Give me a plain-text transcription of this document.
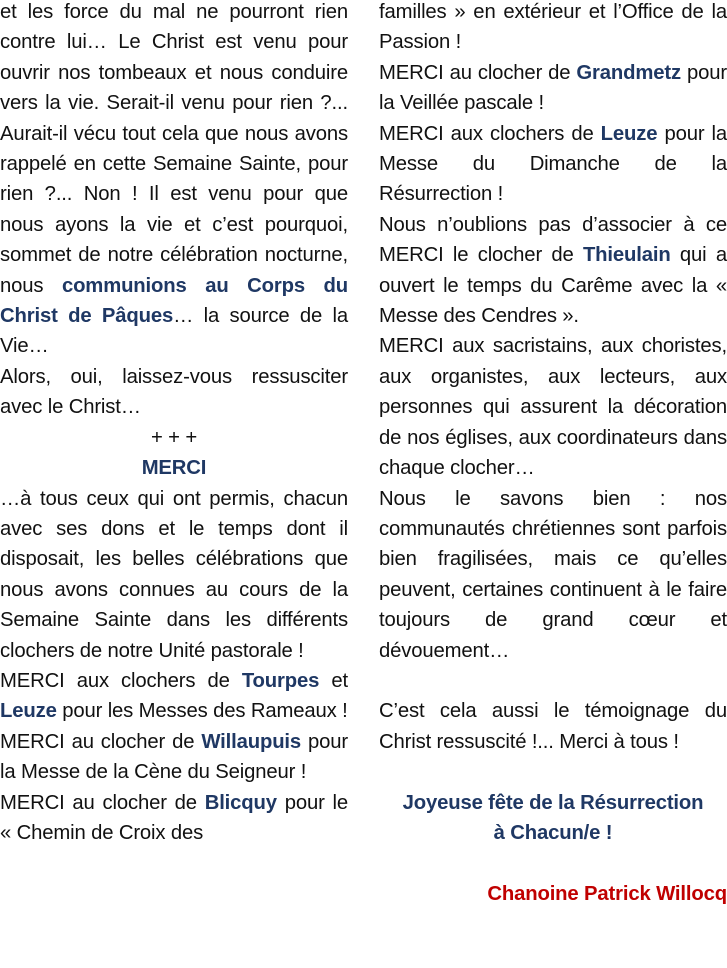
et les force du mal ne pourront rien contre lui… Le Christ est venu pour ouvrir nos tombeaux et nous conduire vers la vie. Serait-il venu pour rien ?... Aurait-il vécu tout cela que nous avons rappelé en cette Semaine Sainte, pour rien ?... Non ! Il est venu pour que nous ayons la vie et c’est pourquoi, sommet de notre célébration nocturne, nous communions au Corps du Christ de Pâques… la source de la Vie…

Alors, oui, laissez-vous ressusciter avec le Christ…

+ + +

MERCI

…à tous ceux qui ont permis, chacun avec ses dons et le temps dont il disposait, les belles célébrations que nous avons connues au cours de la Semaine Sainte dans les différents clochers de notre Unité pastorale !

MERCI aux clochers de Tourpes et Leuze pour les Messes des Rameaux !

MERCI au clocher de Willaupuis pour la Messe de la Cène du Seigneur !

MERCI au clocher de Blicquy pour le « Chemin de Croix des

familles » en extérieur et l’Office de la Passion !

MERCI au clocher de Grandmetz pour la Veillée pascale !

MERCI aux clochers de Leuze pour la Messe du Dimanche de la Résurrection !

Nous n’oublions pas d’associer à ce MERCI le clocher de Thieulain qui a ouvert le temps du Carême avec la « Messe des Cendres ».

MERCI aux sacristains, aux choristes, aux organistes, aux lecteurs, aux personnes qui assurent la décoration de nos églises, aux coordinateurs dans chaque clocher…

Nous le savons bien : nos communautés chrétiennes sont parfois bien fragilisées, mais ce qu’elles peuvent, certaines continuent à le faire toujours de grand cœur et dévouement…

C’est cela aussi le témoignage du Christ ressuscité !... Merci à tous !

Joyeuse fête de la Résurrection

à Chacun/e !

Chanoine Patrick Willocq
